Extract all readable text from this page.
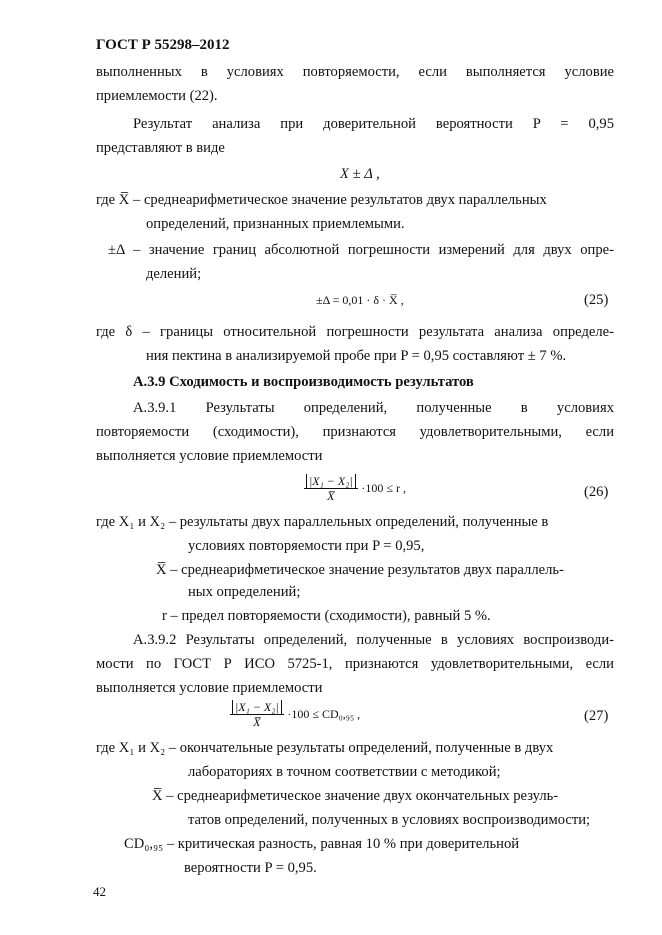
ГОСТ Р 55298–2012
выполненных в условиях повторяемости, если выполняется условие
приемлемости (22).
Результат анализа при доверительной вероятности P = 0,95
представляют в виде
X ± Δ ,
где X̅ – среднеарифметическое значение результатов двух параллельных
определений, признанных приемлемыми.
±Δ – значение границ абсолютной погрешности измерений для двух опре-
делений;
±Δ = 0,01 · δ · X̅ ,	(25)
где δ – границы относительной погрешности результата анализа определе-
ния пектина в анализируемой пробе при P = 0,95 составляют ± 7 %.
А.3.9 Сходимость и воспроизводимость результатов
А.3.9.1 Результаты определений, полученные в условиях
повторяемости (сходимости), признаются удовлетворительными, если
выполняется условие приемлемости
$\frac{\text{|X₁ − X₂|}}{X̅} \cdot 100 \le r$ ,	(26)
где X₁ и X₂ – результаты двух параллельных определений, полученные в
условиях повторяемости при P = 0,95,
X̅ – среднеарифметическое значение результатов двух параллель-
ных определений;
r – предел повторяемости (сходимости), равный 5 %.
А.3.9.2 Результаты определений, полученные в условиях воспроизводи-
мости по ГОСТ Р ИСО 5725-1, признаются удовлетворительными, если
выполняется условие приемлемости
$\frac{\text{|X₁ − X₂|}}{X̅} \cdot 100 \le CD_0,_{95}$ ,	(27)
где X₁ и X₂ – окончательные результаты определений, полученные в двух
лабораториях в точном соответствии с методикой;
X̅ – среднеарифметическое значение двух окончательных резуль-
татов определений, полученных в условиях воспроизводимости;
CD₀,₉₅ – критическая разность, равная 10 % при доверительной
вероятности P = 0,95.
42
